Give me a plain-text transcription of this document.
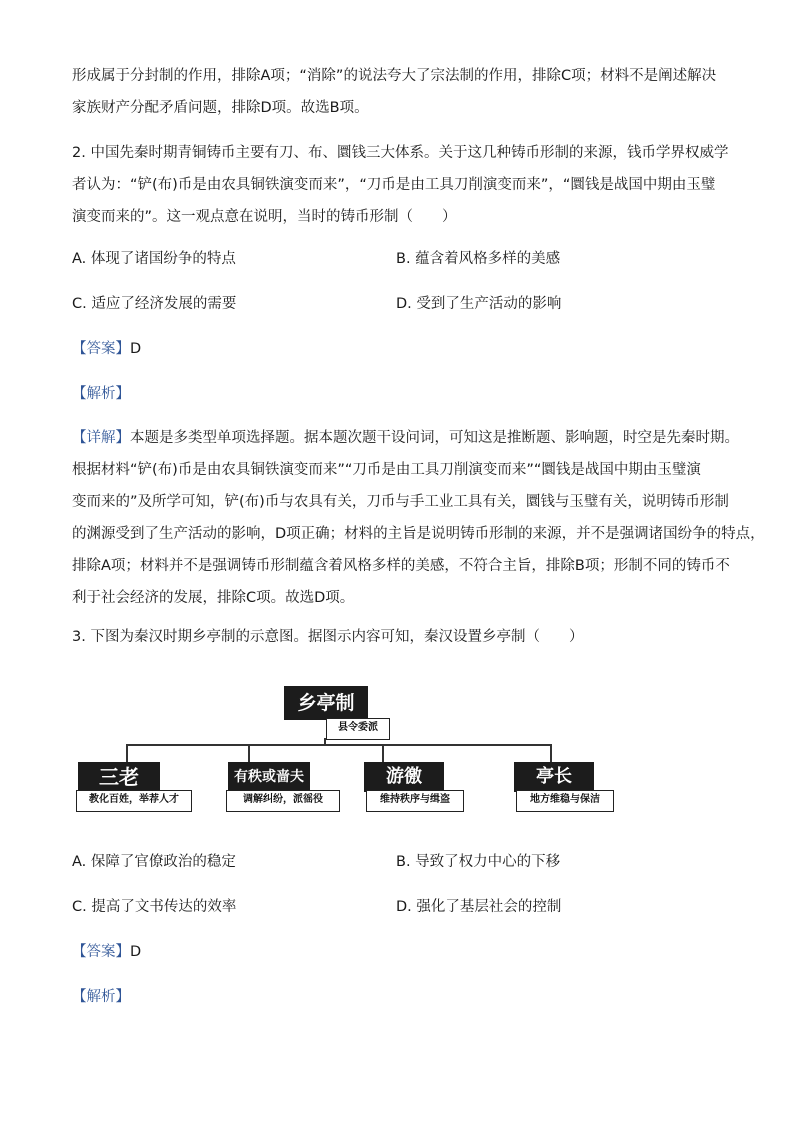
形成属于分封制的作用，排除A项；“消除”的说法夸大了宗法制的作用，排除C项；材料不是阐述解决
家族财产分配矛盾问题，排除D项。故选B项。
2. 中国先秦时期青铜铸币主要有刀、布、圜钱三大体系。关于这几种铸币形制的来源，钱币学界权威学
者认为：“铲(布)币是由农具铜铁演变而来”，“刀币是由工具刀削演变而来”，“圜钱是战国中期由玉璧
演变而来的”。这一观点意在说明，当时的铸币形制（　　）
A. 体现了诸国纷争的特点	B. 蕴含着风格多样的美感
C. 适应了经济发展的需要	D. 受到了生产活动的影响
【答案】D
【解析】
【详解】本题是多类型单项选择题。据本题次题干设问词，可知这是推断题、影响题，时空是先秦时期。
根据材料“铲(布)币是由农具铜铁演变而来”“刀币是由工具刀削演变而来”“圜钱是战国中期由玉璧演
变而来的”及所学可知，铲(布)币与农具有关，刀币与手工业工具有关，圜钱与玉璧有关，说明铸币形制
的渊源受到了生产活动的影响，D项正确；材料的主旨是说明铸币形制的来源，并不是强调诸国纷争的特点，
排除A项；材料并不是强调铸币形制蕴含着风格多样的美感，不符合主旨，排除B项；形制不同的铸币不
利于社会经济的发展，排除C项。故选D项。
3. 下图为秦汉时期乡亭制的示意图。据图示内容可知，秦汉设置乡亭制（　　）
乡亭制
县令委派
三老
教化百姓，举荐人才
有秩或啬夫
调解纠纷，派徭役
游徼
维持秩序与缉盗
亭长
地方维稳与保洁
A. 保障了官僚政治的稳定	B. 导致了权力中心的下移
C. 提高了文书传达的效率	D. 强化了基层社会的控制
【答案】D
【解析】
